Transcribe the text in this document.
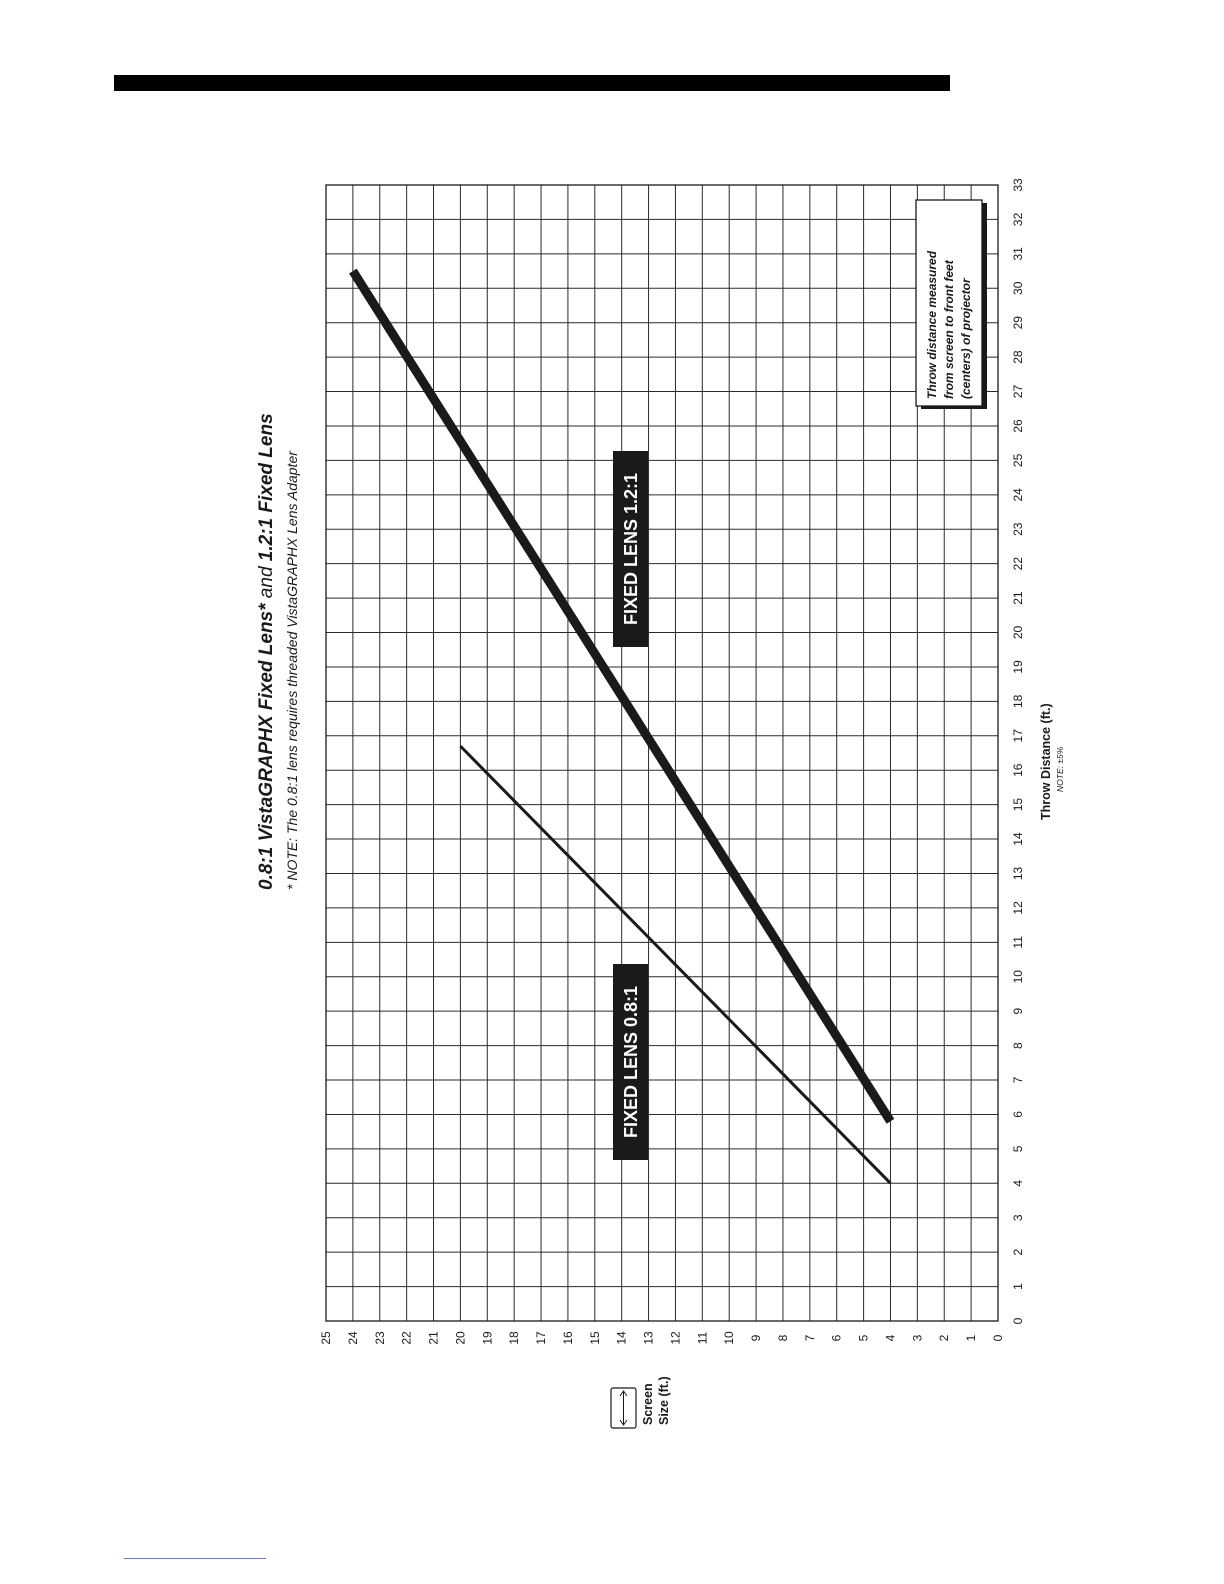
0
1
2
3
4
5
6
7
8
9
10
11
12
13
14
15
16
17
18
19
20
21
22
23
24
25
26
27
28
29
30
31
32
33
0
1
2
3
4
5
6
7
8
9
10
11
12
13
14
15
16
17
18
19
20
21
22
23
24
25
0.8:1 VistaGRAPHX Fixed Lens* and 1.2:1 Fixed Lens * NOTE: The 0.8:1 lens requires threaded VistaGRAPHX Lens Adapter	Throw Distance (ft.) NOTE: ±5%
Screen Size (ft.)
FIXED LENS 0.8:1
FIXED LENS 1.2:1
Throw distance measured from screen to front feet (centers) of projector
